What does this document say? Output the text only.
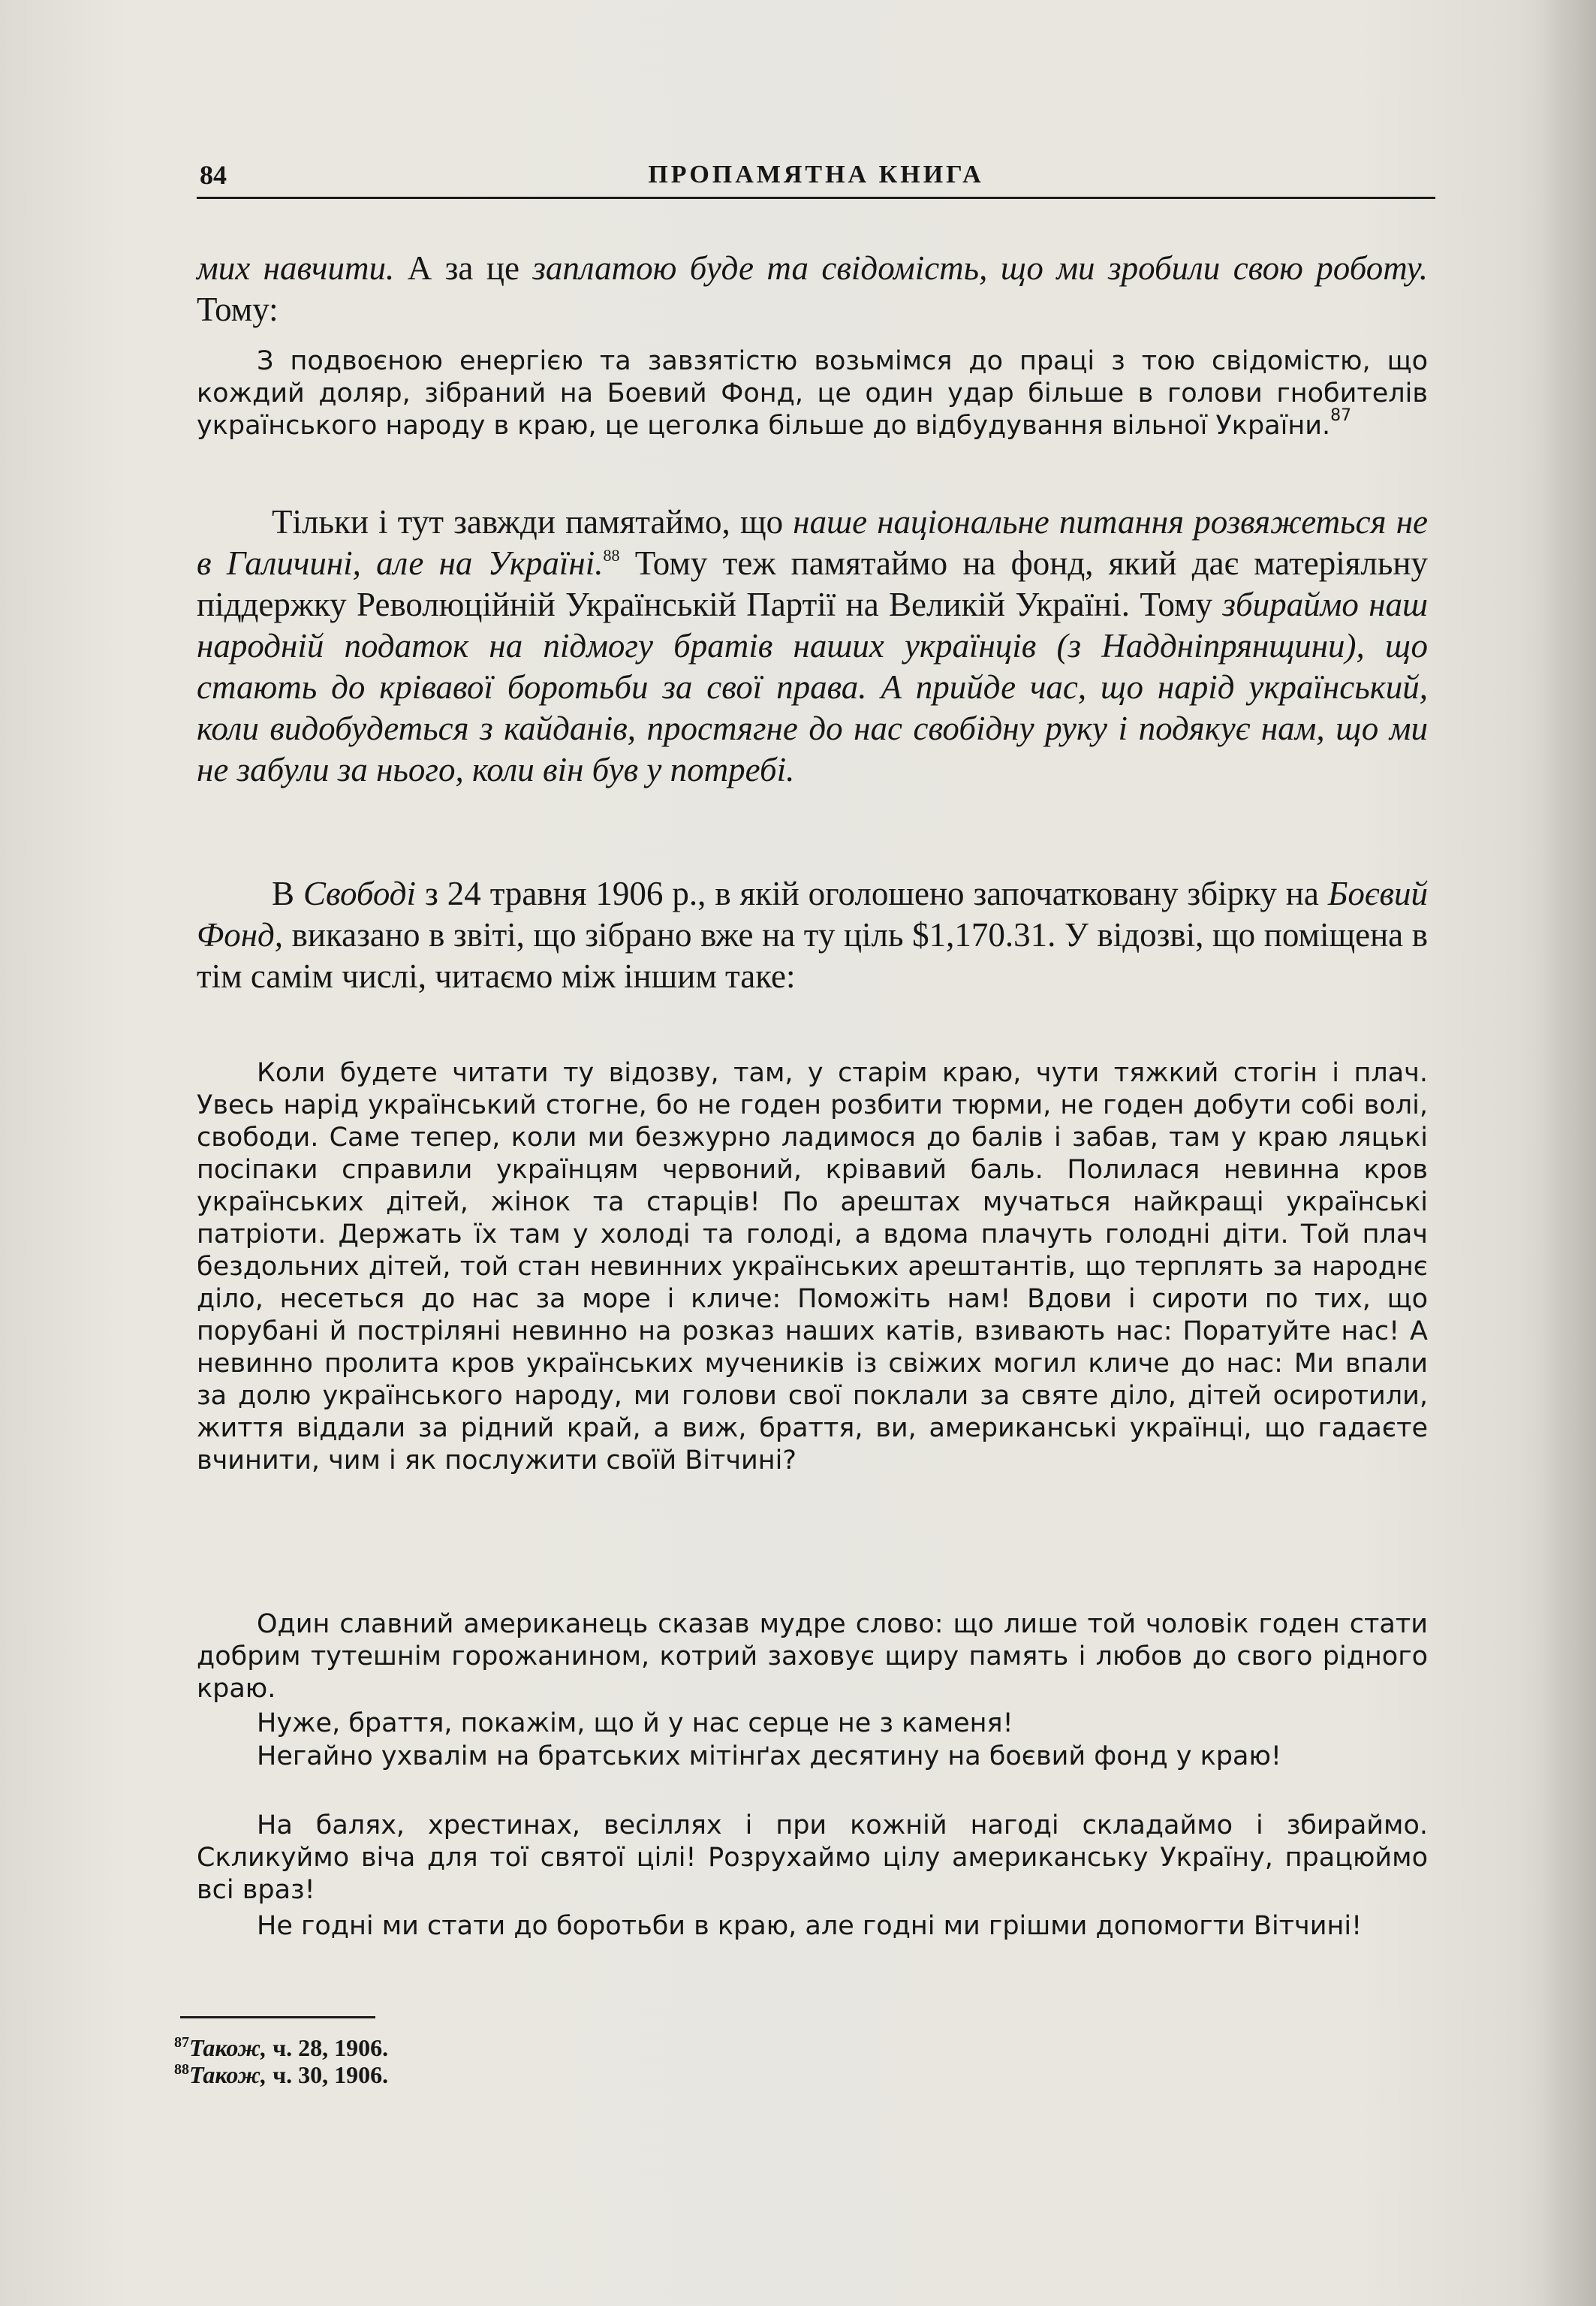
84	ПРОПАМЯТНА КНИГА

мих навчити. А за це заплатою буде та свідомість, що ми зробили свою роботу. Тому:

З подвоєною енергією та завзятістю возьмімся до праці з тою свідомістю, що кождий доляр, зібраний на Боевий Фонд, це один удар більше в голови гнобителів українського народу в краю, це цеголка більше до відбудування вільної України.$^{87}$

Тільки і тут завжди памятаймо, що наше національне питання розвяжеться не в Галичині, але на Україні.$^{88}$ Тому теж памятаймо на фонд, який дає матеріяльну піддержку Революційній Українській Партії на Великій Україні. Тому збираймо наш народній податок на підмогу братів наших українців (з Наддніпрянщини), що стають до крівавої боротьби за свої права. А прийде час, що нарід український, коли видобудеться з кайданів, простягне до нас свобідну руку і подякує нам, що ми не забули за нього, коли він був у потребі.

В Свободі з 24 травня 1906 р., в якій оголошено започаткованy збірку на Боєвий Фонд, виказано в звіті, що зібрано вже на ту ціль $1,170.31. У відозві, що поміщена в тім самім числі, читаємо між іншим таке:

Коли будете читати ту відозву, там, у старім краю, чути тяжкий стогін і плач. Увесь нарід український стогне, бо не годен розбити тюрми, не годен добути собі волі, свободи. Саме тепер, коли ми безжурно ладимося до балів і забав, там у краю ляцькі посіпаки справили українцям червоний, крівавий баль. Полилася невинна кров українських дітей, жінок та старців! По арештах мучаться найкращі українські патріоти. Держать їх там у холоді та голоді, а вдома плачуть голодні діти. Той плач бездольних дітей, той стан невинних українських арештантів, що терплять за народнє діло, несеться до нас за море і кличе: Поможіть нам! Вдови і сироти по тих, що порубані й постріляні невинно на розказ наших катів, взивають нас: Поратуйте нас! А невинно пролита кров українських мучеників із свіжих могил кличе до нас: Ми впали за долю українського народу, ми голови свої поклали за святе діло, дітей осиротили, життя віддали за рідний край, а виж, браття, ви, американські українці, що гадаєте вчинити, чим і як послужити своїй Вітчині?

Один славний американець сказав мудре слово: що лише той чоловік годен стати добрим тутешнім горожанином, котрий заховує щиру память і любов до свого рідного краю.

Нуже, браття, покажім, що й у нас серце не з каменя!

Негайно ухвалім на братських мітінґах десятину на боєвий фонд у краю!

На балях, хрестинах, весіллях і при кожній нагоді складаймо і збираймо. Скликуймо віча для тої святої цілі! Розрухаймо цілу американську Україну, працюймо всі враз!

Не годні ми стати до боротьби в краю, але годні ми грішми допомогти Вітчині!

$^{87}$Також, ч. 28, 1906.
$^{88}$Також, ч. 30, 1906.
